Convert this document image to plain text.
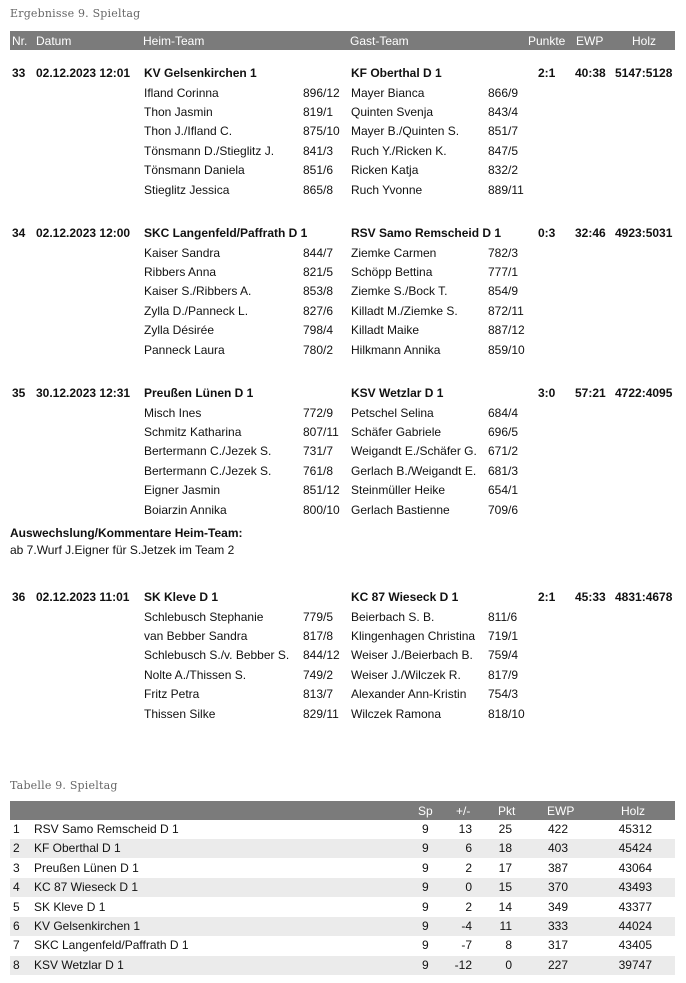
Ergebnisse 9. Spieltag
Nr. Datum	Heim-Team	Gast-Team	Punkte EWP Holz
33 02.12.2023 12:01 KV Gelsenkirchen 1	KF Oberthal D 1	2:1 40:38 5147:5128
Ifland Corinna	896/12 Mayer Bianca	866/9
Thon Jasmin	819/1 Quinten Svenja	843/4
Thon J./Ifland C.	875/10 Mayer B./Quinten S. 851/7
Tönsmann D./Stieglitz J. 841/3 Ruch Y./Ricken K.	847/5
Tönsmann Daniela	851/6 Ricken Katja	832/2
Stieglitz Jessica	865/8 Ruch Yvonne	889/11
34 02.12.2023 12:00 SKC Langenfeld/Paffrath D 1	RSV Samo Remscheid D 1	0:3 32:46 4923:5031
Kaiser Sandra	844/7 Ziemke Carmen	782/3
Ribbers Anna	821/5 Schöpp Bettina	777/1
Kaiser S./Ribbers A.	853/8 Ziemke S./Bock T.	854/9
Zylla D./Panneck L.	827/6 Killadt M./Ziemke S.	872/11
Zylla Désirée	798/4 Killadt Maike	887/12
Panneck Laura	780/2 Hilkmann Annika	859/10
35 30.12.2023 12:31 Preußen Lünen D 1	KSV Wetzlar D 1	3:0 57:21 4722:4095
Misch Ines	772/9 Petschel Selina	684/4
Schmitz Katharina	807/11 Schäfer Gabriele	696/5
Bertermann C./Jezek S.	731/7 Weigandt E./Schäfer G. 671/2
Bertermann C./Jezek S.	761/8 Gerlach B./Weigandt E. 681/3
Eigner Jasmin	851/12 Steinmüller Heike	654/1
Boiarzin Annika	800/10 Gerlach Bastienne	709/6
36 02.12.2023 11:01 SK Kleve D 1	KC 87 Wieseck D 1	2:1 45:33 4831:4678
Schlebusch Stephanie	779/5 Beierbach S. B.	811/6
van Bebber Sandra	817/8 Klingenhagen Christina 719/1
Schlebusch S./v. Bebber S. 844/12 Weiser J./Beierbach B. 759/4
Nolte A./Thissen S.	749/2 Weiser J./Wilczek R. 817/9
Fritz Petra	813/7 Alexander Ann-Kristin 754/3
Thissen Silke	829/11 Wilczek Ramona	818/10
Auswechslung/Kommentare Heim-Team:
ab 7.Wurf J.Eigner für S.Jetzek im Team 2
Tabelle 9. Spieltag
Sp +/- Pkt	EWP	Holz
1 RSV Samo Remscheid D 1	9	13	25	422	45312
2 KF Oberthal D 1	9	6	18	403	45424
3 Preußen Lünen D 1	9	2	17	387	43064
4 KC 87 Wieseck D 1	9	0	15	370	43493
5 SK Kleve D 1	9	2	14	349	43377
6 KV Gelsenkirchen 1	9	-4	11	333	44024
7 SKC Langenfeld/Paffrath D 1	9	-7	8	317	43405
8 KSV Wetzlar D 1	9	-12	0	227	39747
